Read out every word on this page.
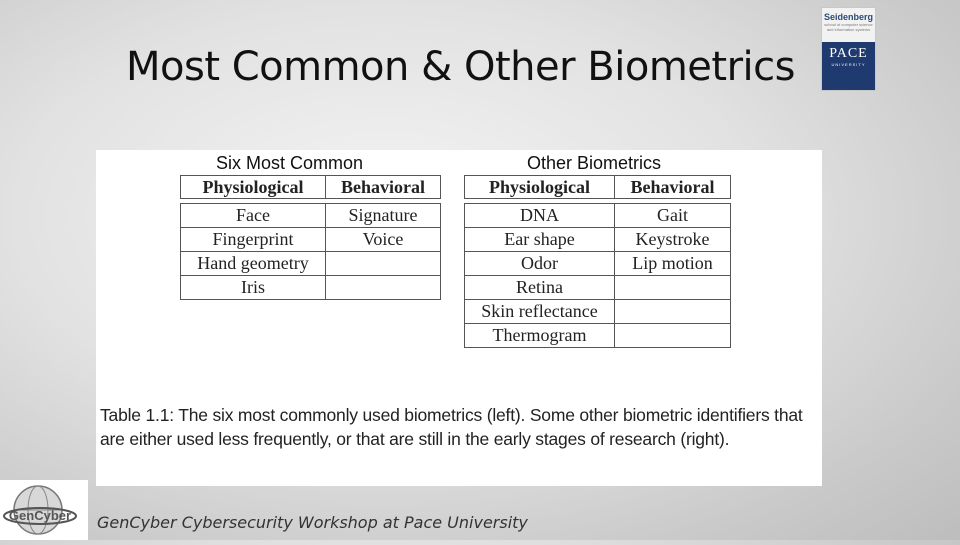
Most Common & Other Biometrics
Seidenberg
school of computer science and information systems
PACE
UNIVERSITY
Six Most Common	Other Biometrics
Physiological	Behavioral

Face	Signature
Fingerprint	Voice
Hand geometry	
Iris	
Physiological	Behavioral

DNA	Gait
Ear shape	Keystroke
Odor	Lip motion
Retina	
Skin reflectance	
Thermogram	
Table 1.1: The six most commonly used biometrics (left). Some other biometric identifiers that are either used less frequently, or that are still in the early stages of research (right).
GenCyber GenCyber Cybersecurity Workshop at Pace University
